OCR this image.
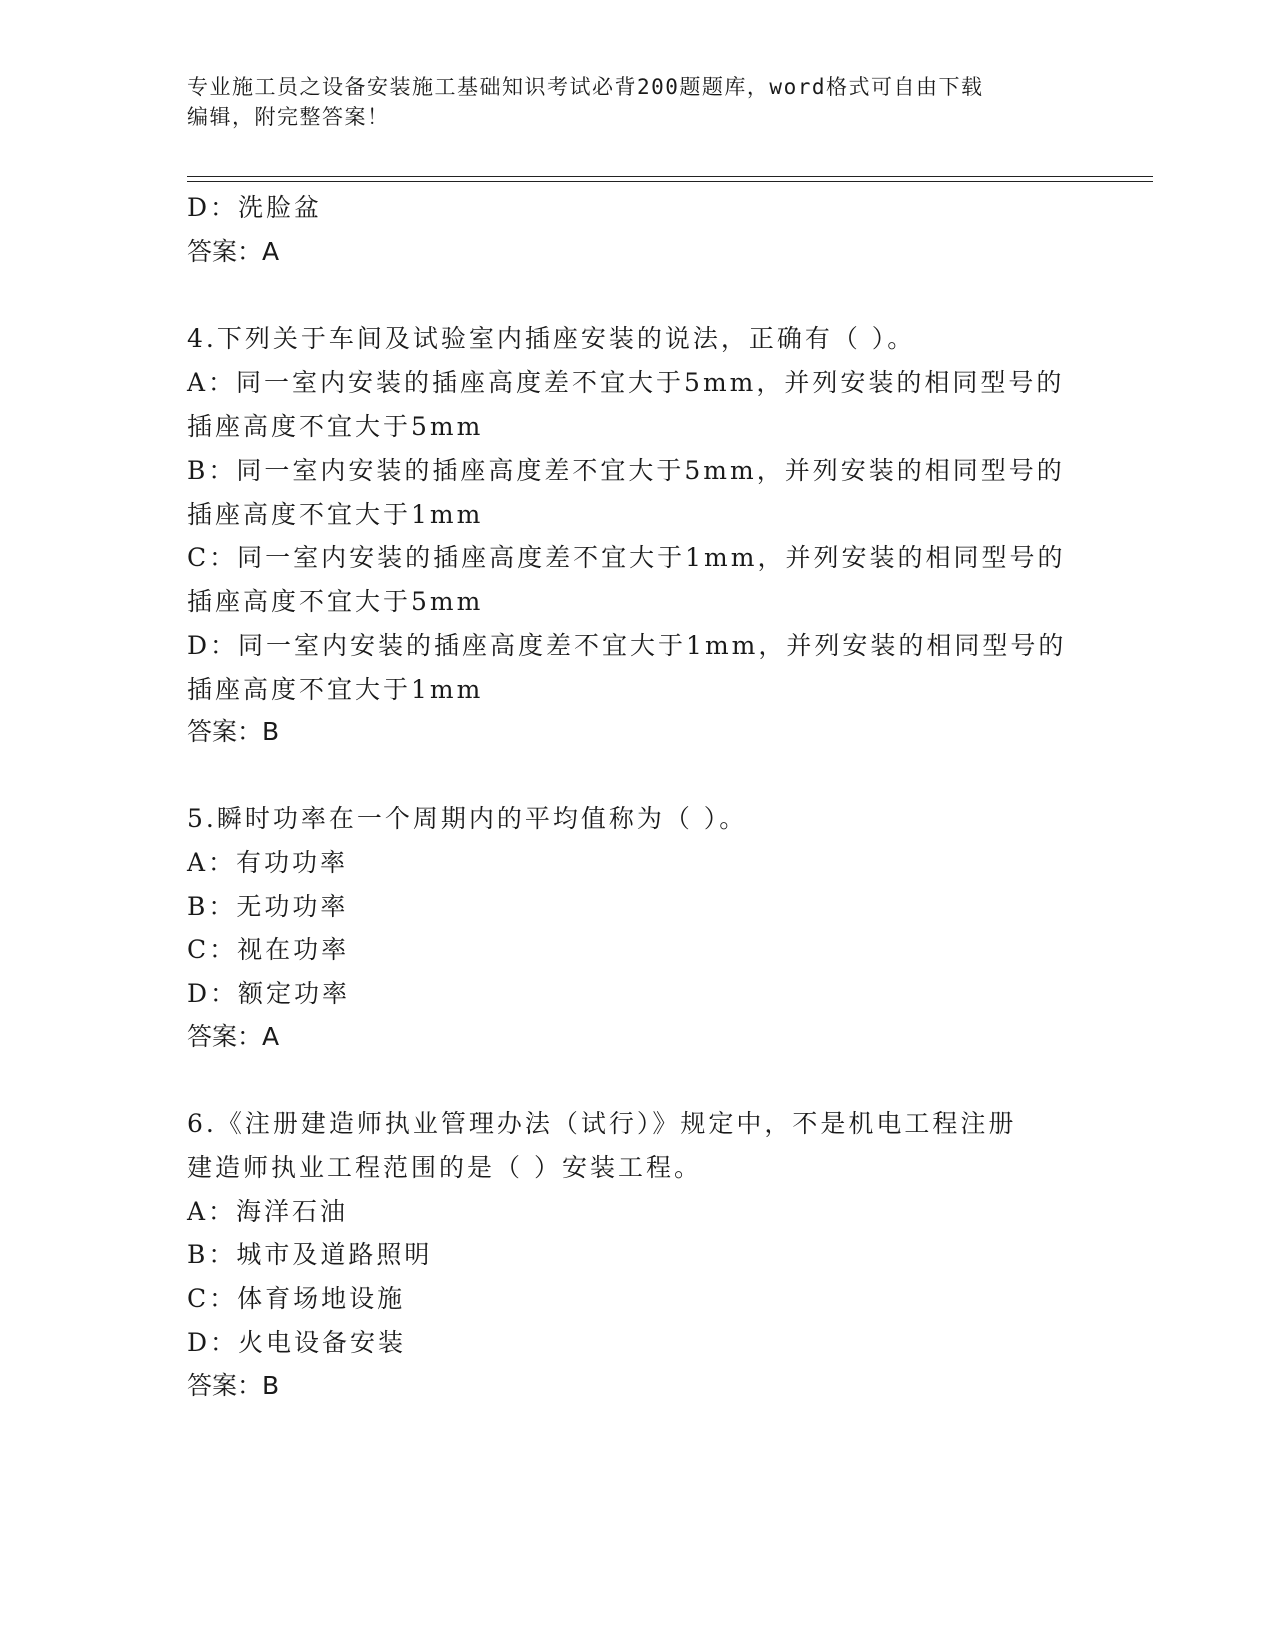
专业施工员之设备安装施工基础知识考试必背200题题库，word格式可自由下载
编辑，附完整答案！
D：洗脸盆
答案：A
4.下列关于车间及试验室内插座安装的说法，正确有（ ）。
A：同一室内安装的插座高度差不宜大于5mm，并列安装的相同型号的
插座高度不宜大于5mm
B：同一室内安装的插座高度差不宜大于5mm，并列安装的相同型号的
插座高度不宜大于1mm
C：同一室内安装的插座高度差不宜大于1mm，并列安装的相同型号的
插座高度不宜大于5mm
D：同一室内安装的插座高度差不宜大于1mm，并列安装的相同型号的
插座高度不宜大于1mm
答案：B
5.瞬时功率在一个周期内的平均值称为（ ）。
A：有功功率
B：无功功率
C：视在功率
D：额定功率
答案：A
6.《注册建造师执业管理办法（试行）》规定中，不是机电工程注册
建造师执业工程范围的是（ ）安装工程。
A：海洋石油
B：城市及道路照明
C：体育场地设施
D：火电设备安装
答案：B
